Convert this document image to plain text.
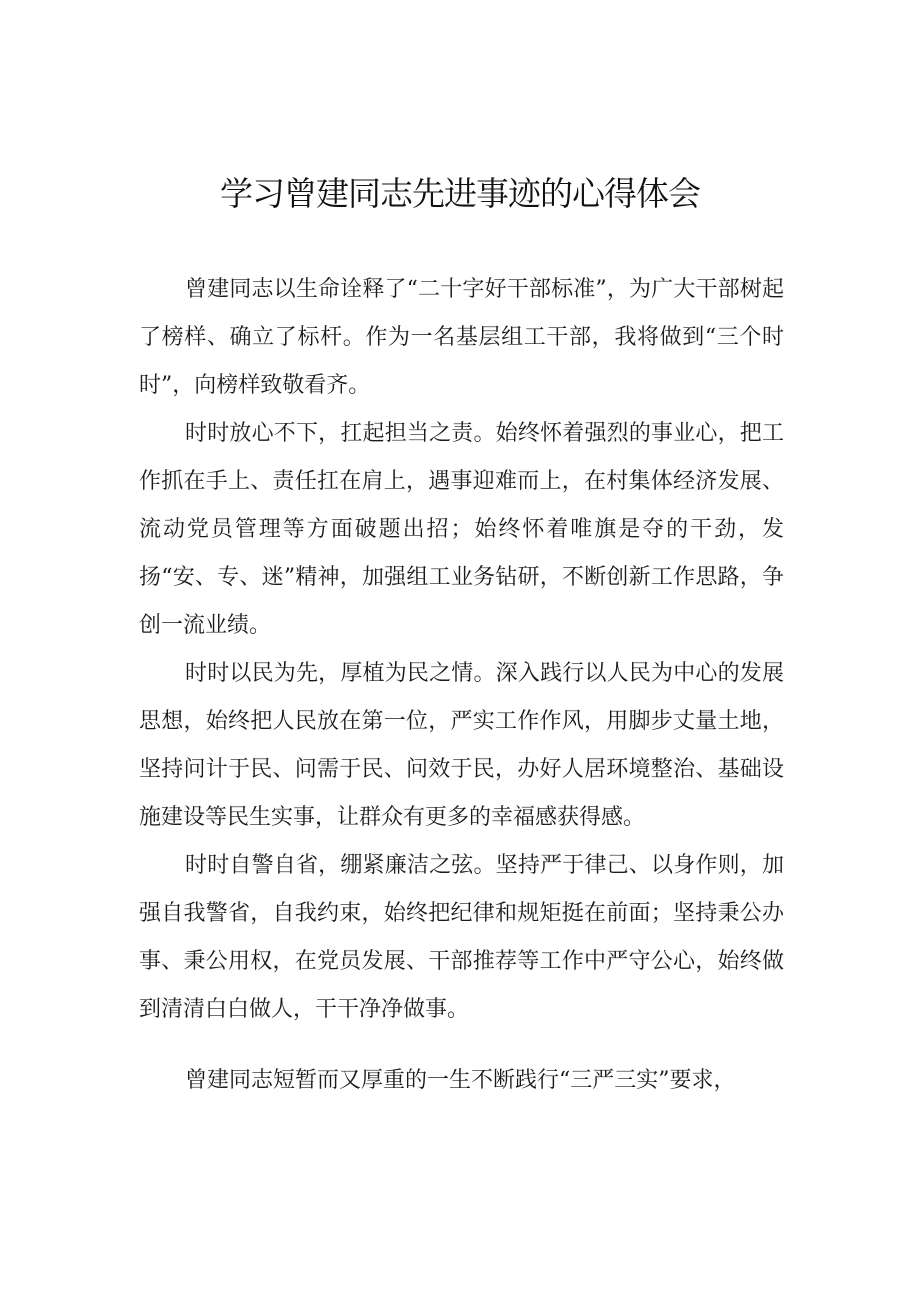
学习曾建同志先进事迹的心得体会

曾建同志以生命诠释了“二十字好干部标准”，为广大干部树起了榜样、确立了标杆。作为一名基层组工干部，我将做到“三个时时”，向榜样致敬看齐。

时时放心不下，扛起担当之责。始终怀着强烈的事业心，把工作抓在手上、责任扛在肩上，遇事迎难而上，在村集体经济发展、流动党员管理等方面破题出招；始终怀着唯旗是夺的干劲，发扬“安、专、迷”精神，加强组工业务钻研，不断创新工作思路，争创一流业绩。

时时以民为先，厚植为民之情。深入践行以人民为中心的发展思想，始终把人民放在第一位，严实工作作风，用脚步丈量土地，坚持问计于民、问需于民、问效于民，办好人居环境整治、基础设施建设等民生实事，让群众有更多的幸福感获得感。

时时自警自省，绷紧廉洁之弦。坚持严于律己、以身作则，加强自我警省，自我约束，始终把纪律和规矩挺在前面；坚持秉公办事、秉公用权，在党员发展、干部推荐等工作中严守公心，始终做到清清白白做人，干干净净做事。

曾建同志短暂而又厚重的一生不断践行“三严三实”要求，
